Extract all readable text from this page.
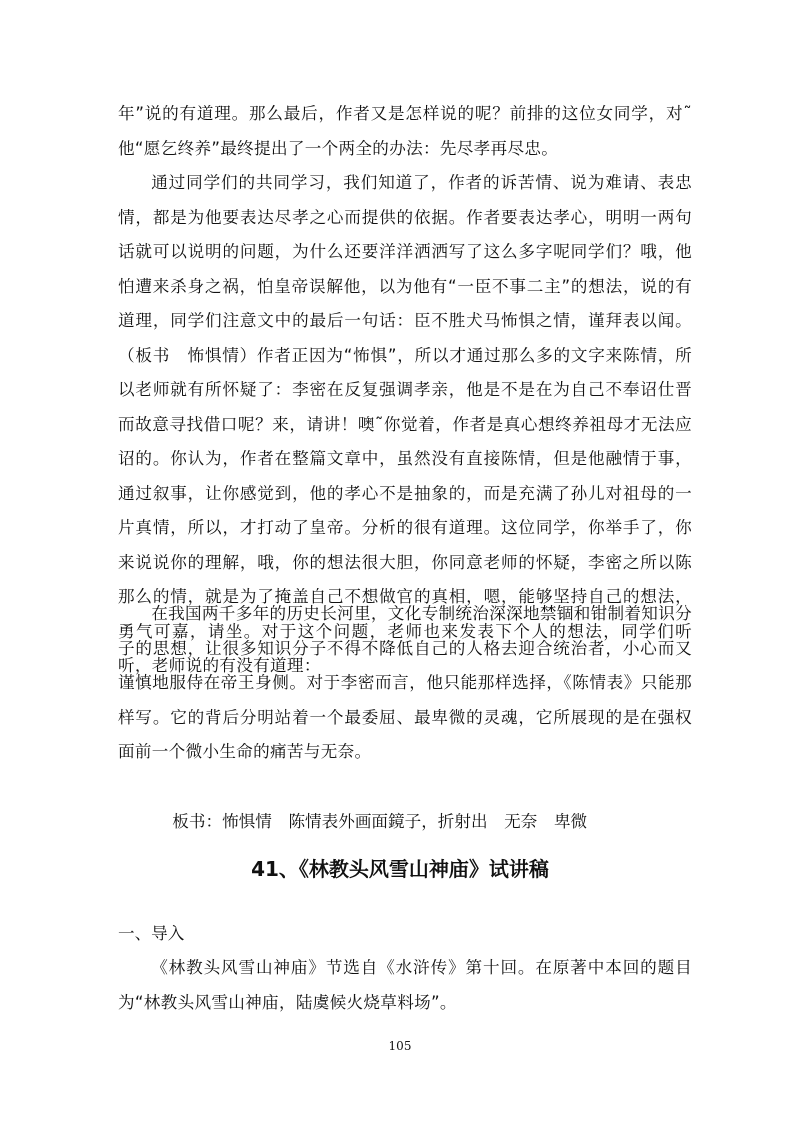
年”说的有道理。那么最后，作者又是怎样说的呢？前排的这位女同学，对˜他“愿乞终养”最终提出了一个两全的办法：先尽孝再尽忠。

通过同学们的共同学习，我们知道了，作者的诉苦情、说为难请、表忠情，都是为他要表达尽孝之心而提供的依据。作者要表达孝心，明明一两句话就可以说明的问题，为什么还要洋洋洒洒写了这么多字呢同学们？哦，他怕遭来杀身之祸，怕皇帝误解他，以为他有“一臣不事二主”的想法，说的有道理，同学们注意文中的最后一句话：臣不胜犬马怖惧之情，谨拜表以闻。（板书　怖惧情）作者正因为“怖惧”，所以才通过那么多的文字来陈情，所以老师就有所怀疑了：李密在反复强调孝亲，他是不是在为自己不奉诏仕晋而故意寻找借口呢？来，请讲！噢˜你觉着，作者是真心想终养祖母才无法应诏的。你认为，作者在整篇文章中，虽然没有直接陈情，但是他融情于事，通过叙事，让你感觉到，他的孝心不是抽象的，而是充满了孙儿对祖母的一片真情，所以，才打动了皇帝。分析的很有道理。这位同学，你举手了，你来说说你的理解，哦，你的想法很大胆，你同意老师的怀疑，李密之所以陈那么的情，就是为了掩盖自己不想做官的真相，嗯，能够坚持自己的想法，勇气可嘉，请坐。对于这个问题，老师也来发表下个人的想法，同学们听听，老师说的有没有道理：

在我国两千多年的历史长河里，文化专制统治深深地禁锢和钳制着知识分子的思想，让很多知识分子不得不降低自己的人格去迎合统治者，小心而又谨慎地服侍在帝王身侧。对于李密而言，他只能那样选择，《陈情表》只能那样写。它的背后分明站着一个最委屈、最卑微的灵魂，它所展现的是在强权面前一个微小生命的痛苦与无奈。

板书：怖惧情　陈情表外画面鏡子，折射出　无奈　卑微

41、《林教头风雪山神庙》试讲稿
一、导入

《林教头风雪山神庙》节选自《水浒传》第十回。在原著中本回的题目为“林教头风雪山神庙，陆虞候火烧草料场”。

105
